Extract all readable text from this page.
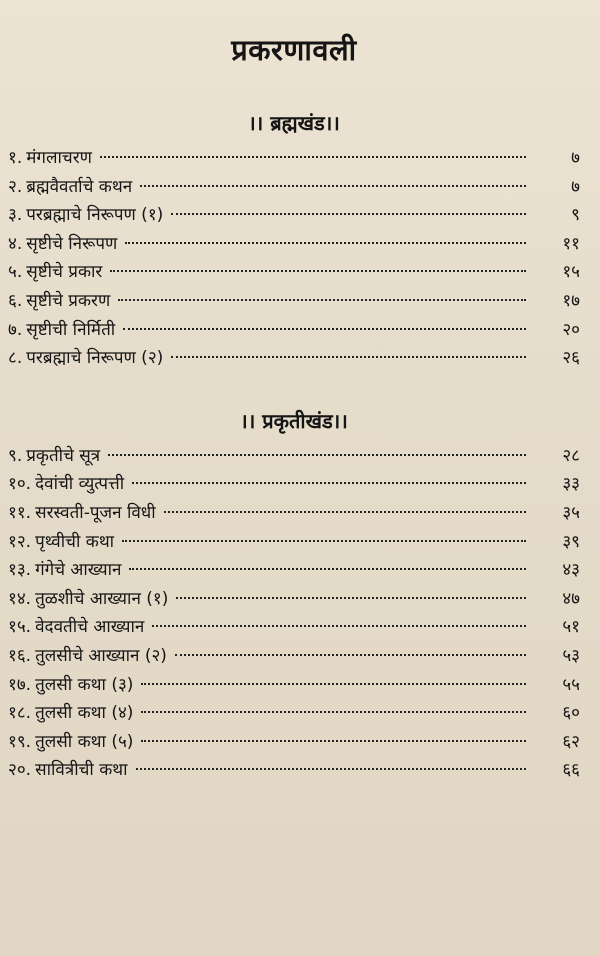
प्रकरणावली
।। ब्रह्मखंड।।
१. मंगलाचरण	७
२. ब्रह्मवैवर्ताचे कथन	७
३. परब्रह्माचे निरूपण (१)	९
४. सृष्टीचे निरूपण	११
५. सृष्टीचे प्रकार	१५
६. सृष्टीचे प्रकरण	१७
७. सृष्टीची निर्मिती	२०
८. परब्रह्माचे निरूपण (२)	२६
।। प्रकृतीखंड।।
९. प्रकृतीचे सूत्र	२८
१०. देवांची व्युत्पत्ती	३३
११. सरस्वती-पूजन विधी	३५
१२. पृथ्वीची कथा	३९
१३. गंगेचे आख्यान	४३
१४. तुळशीचे आख्यान (१)	४७
१५. वेदवतीचे आख्यान	५१
१६. तुलसीचे आख्यान (२)	५३
१७. तुलसी कथा (३)	५५
१८. तुलसी कथा (४)	६०
१९. तुलसी कथा (५)	६२
२०. सावित्रीची कथा	६६
